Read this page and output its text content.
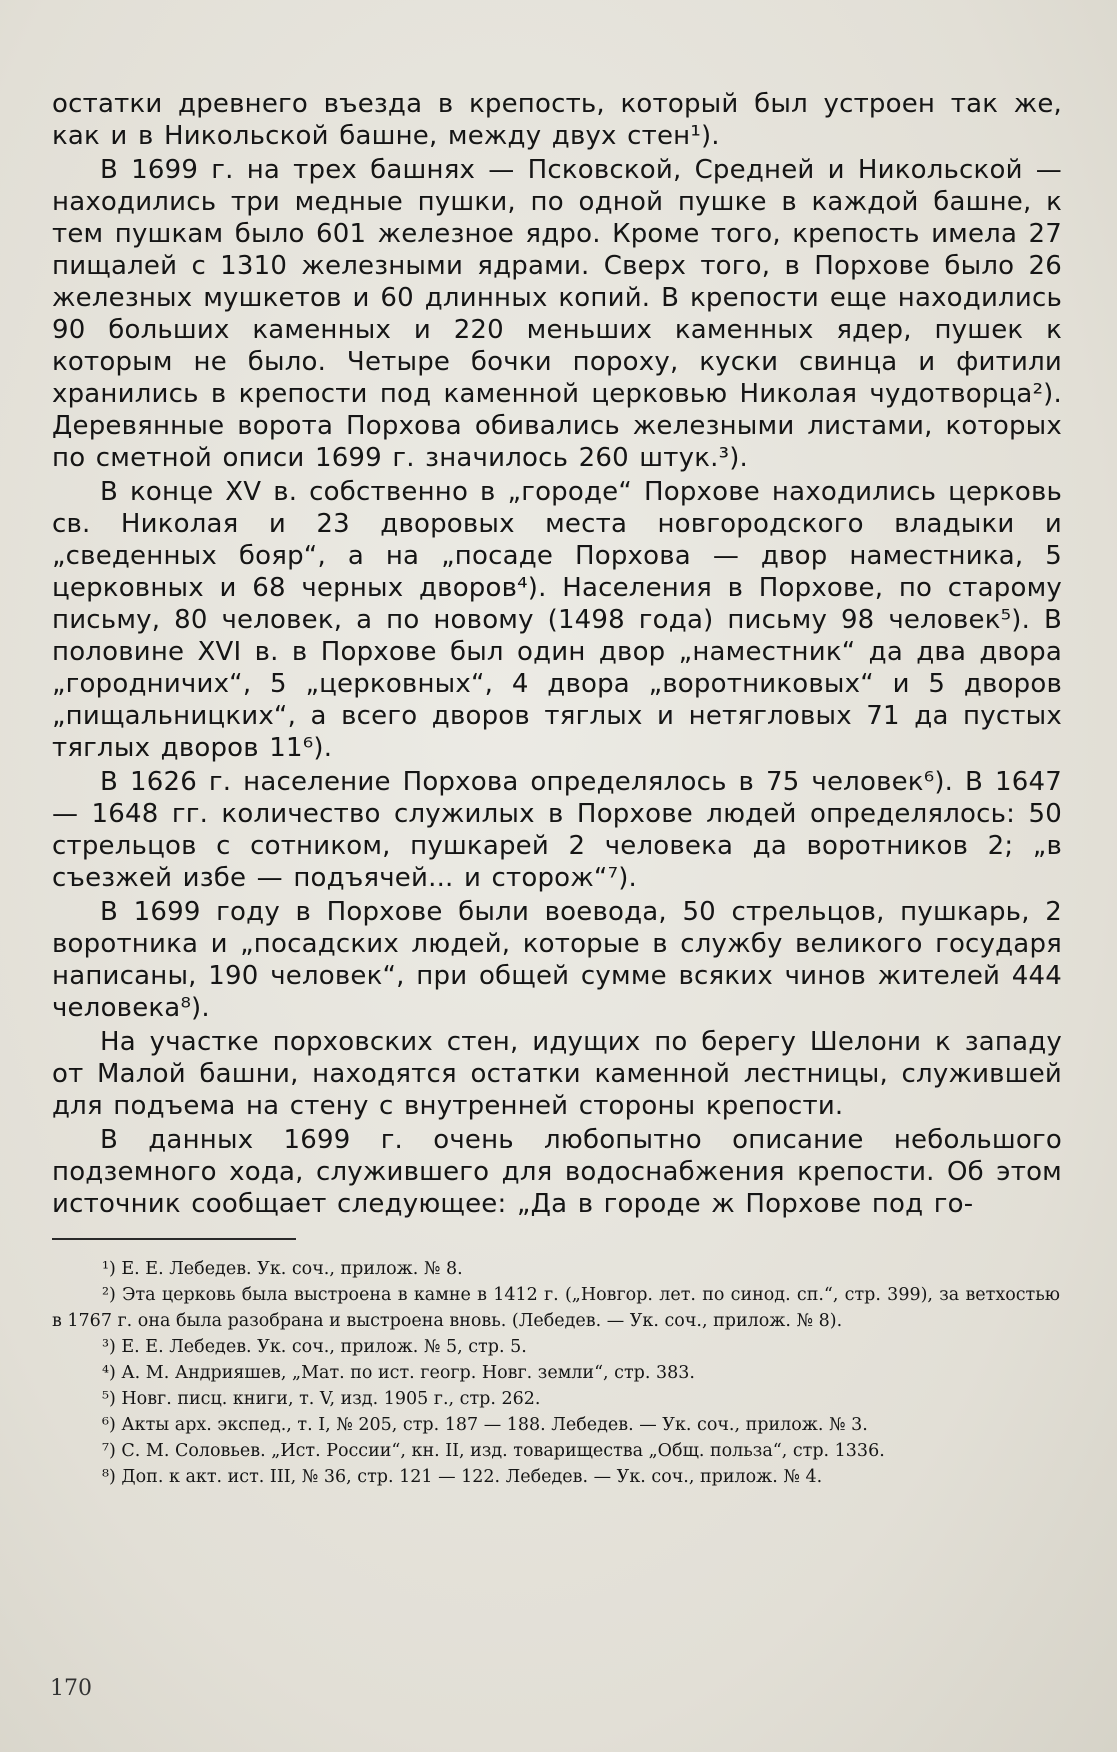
остатки древнего въезда в крепость, который был устроен так же, как и в Никольской башне, между двух стен¹).

В 1699 г. на трех башнях — Псковской, Средней и Никольской — находились три медные пушки, по одной пушке в каждой башне, к тем пушкам было 601 железное ядро. Кроме того, крепость имела 27 пищалей с 1310 железными ядрами. Сверх того, в Порхове было 26 железных мушкетов и 60 длинных копий. В крепости еще находились 90 больших каменных и 220 меньших каменных ядер, пушек к которым не было. Четыре бочки пороху, куски свинца и фитили хранились в крепости под каменной церковью Николая чудотворца²). Деревянные ворота Порхова обивались железными листами, которых по сметной описи 1699 г. значилось 260 штук.³).

В конце XV в. собственно в „городе“ Порхове находились церковь св. Николая и 23 дворовых места новгородского владыки и „сведенных бояр“, а на „посаде Порхова — двор наместника, 5 церковных и 68 черных дворов⁴). Населения в Порхове, по старому письму, 80 человек, а по новому (1498 года) письму 98 человек⁵). В половине XVI в. в Порхове был один двор „наместник“ да два двора „городничих“, 5 „церковных“, 4 двора „воротниковых“ и 5 дворов „пищальницких“, а всего дворов тяглых и нетягловых 71 да пустых тяглых дворов 11⁶).

В 1626 г. население Порхова определялось в 75 человек⁶). В 1647 — 1648 гг. количество служилых в Порхове людей определялось: 50 стрельцов с сотником, пушкарей 2 человека да воротников 2; „в съезжей избе — подъячей... и сторож“⁷).

В 1699 году в Порхове были воевода, 50 стрельцов, пушкарь, 2 воротника и „посадских людей, которые в службу великого государя написаны, 190 человек“, при общей сумме всяких чинов жителей 444 человека⁸).

На участке порховских стен, идущих по берегу Шелони к западу от Малой башни, находятся остатки каменной лестницы, служившей для подъема на стену с внутренней стороны крепости.

В данных 1699 г. очень любопытно описание небольшого подземного хода, служившего для водоснабжения крепости. Об этом источник сообщает следующее: „Да в городе ж Порхове под го-

¹) Е. Е. Лебедев. Ук. соч., прилож. № 8.

²) Эта церковь была выстроена в камне в 1412 г. („Новгор. лет. по синод. сп.“, стр. 399), за ветхостью в 1767 г. она была разобрана и выстроена вновь. (Лебедев. — Ук. соч., прилож. № 8).

³) Е. Е. Лебедев. Ук. соч., прилож. № 5, стр. 5.

⁴) А. М. Андрияшев, „Мат. по ист. геогр. Новг. земли“, стр. 383.

⁵) Новг. писц. книги, т. V, изд. 1905 г., стр. 262.

⁶) Акты арх. экспед., т. I, № 205, стр. 187 — 188. Лебедев. — Ук. соч., прилож. № 3.

⁷) С. М. Соловьев. „Ист. России“, кн. II, изд. товарищества „Общ. польза“, стр. 1336.

⁸) Доп. к акт. ист. III, № 36, стр. 121 — 122. Лебедев. — Ук. соч., прилож. № 4.

170
